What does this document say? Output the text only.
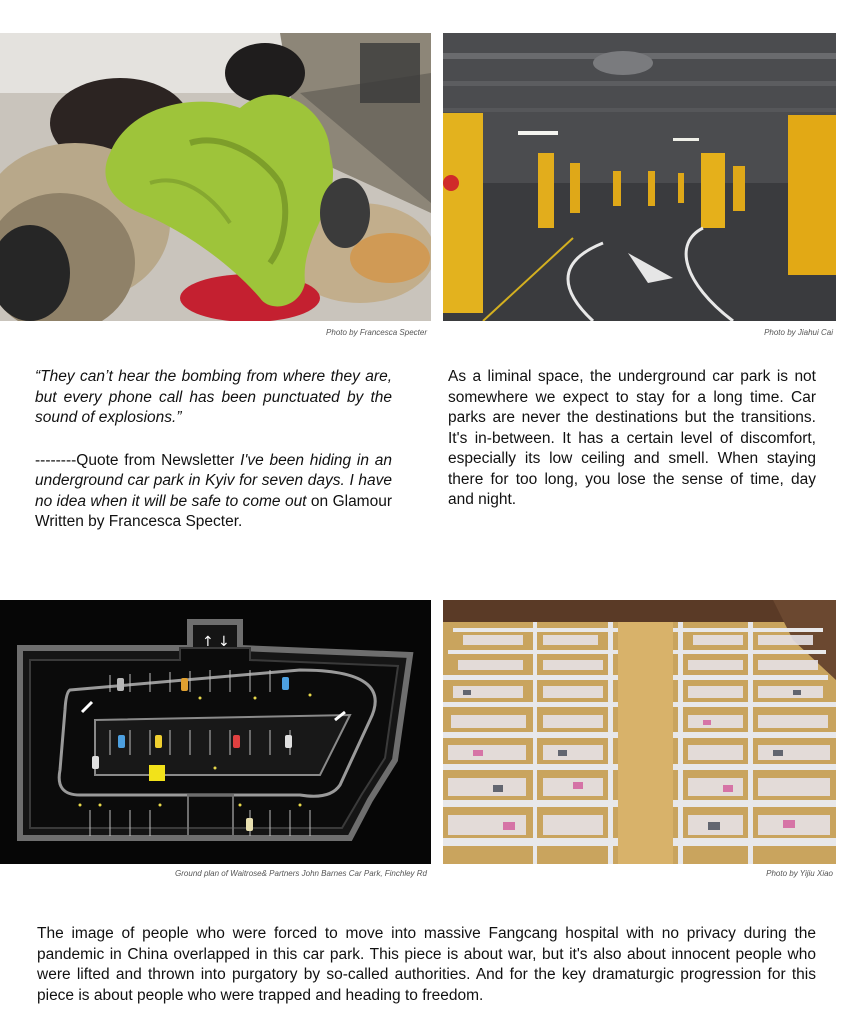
Photo by Francesca Specter	Photo by Jiahui Cai
“They can’t hear the bombing from where they are, but every phone call has been punctuated by the sound of explosions.”
--------Quote from Newsletter I've been hiding in an underground car park in Kyiv for seven days. I have no idea when it will be safe to come out on Glamour Written by Francesca Specter.
As a liminal space, the underground car park is not somewhere we expect to stay for a long time. Car parks are never the destinations but the transitions. It's in-between. It has a certain level of discomfort, especially its low ceiling and smell. When staying there for too long, you lose the sense of time, day and night.
↑ ↓
Ground plan of Waitrose& Partners John Barnes Car Park, Finchley Rd	Photo by Yijiu Xiao
The image of people who were forced to move into massive Fangcang hospital with no privacy during the pandemic in China overlapped in this car park. This piece is about war, but it's also about innocent people who were lifted and thrown into purgatory by so-called authorities. And for the key dramaturgic progression for this piece is about people who were trapped and heading to freedom.
